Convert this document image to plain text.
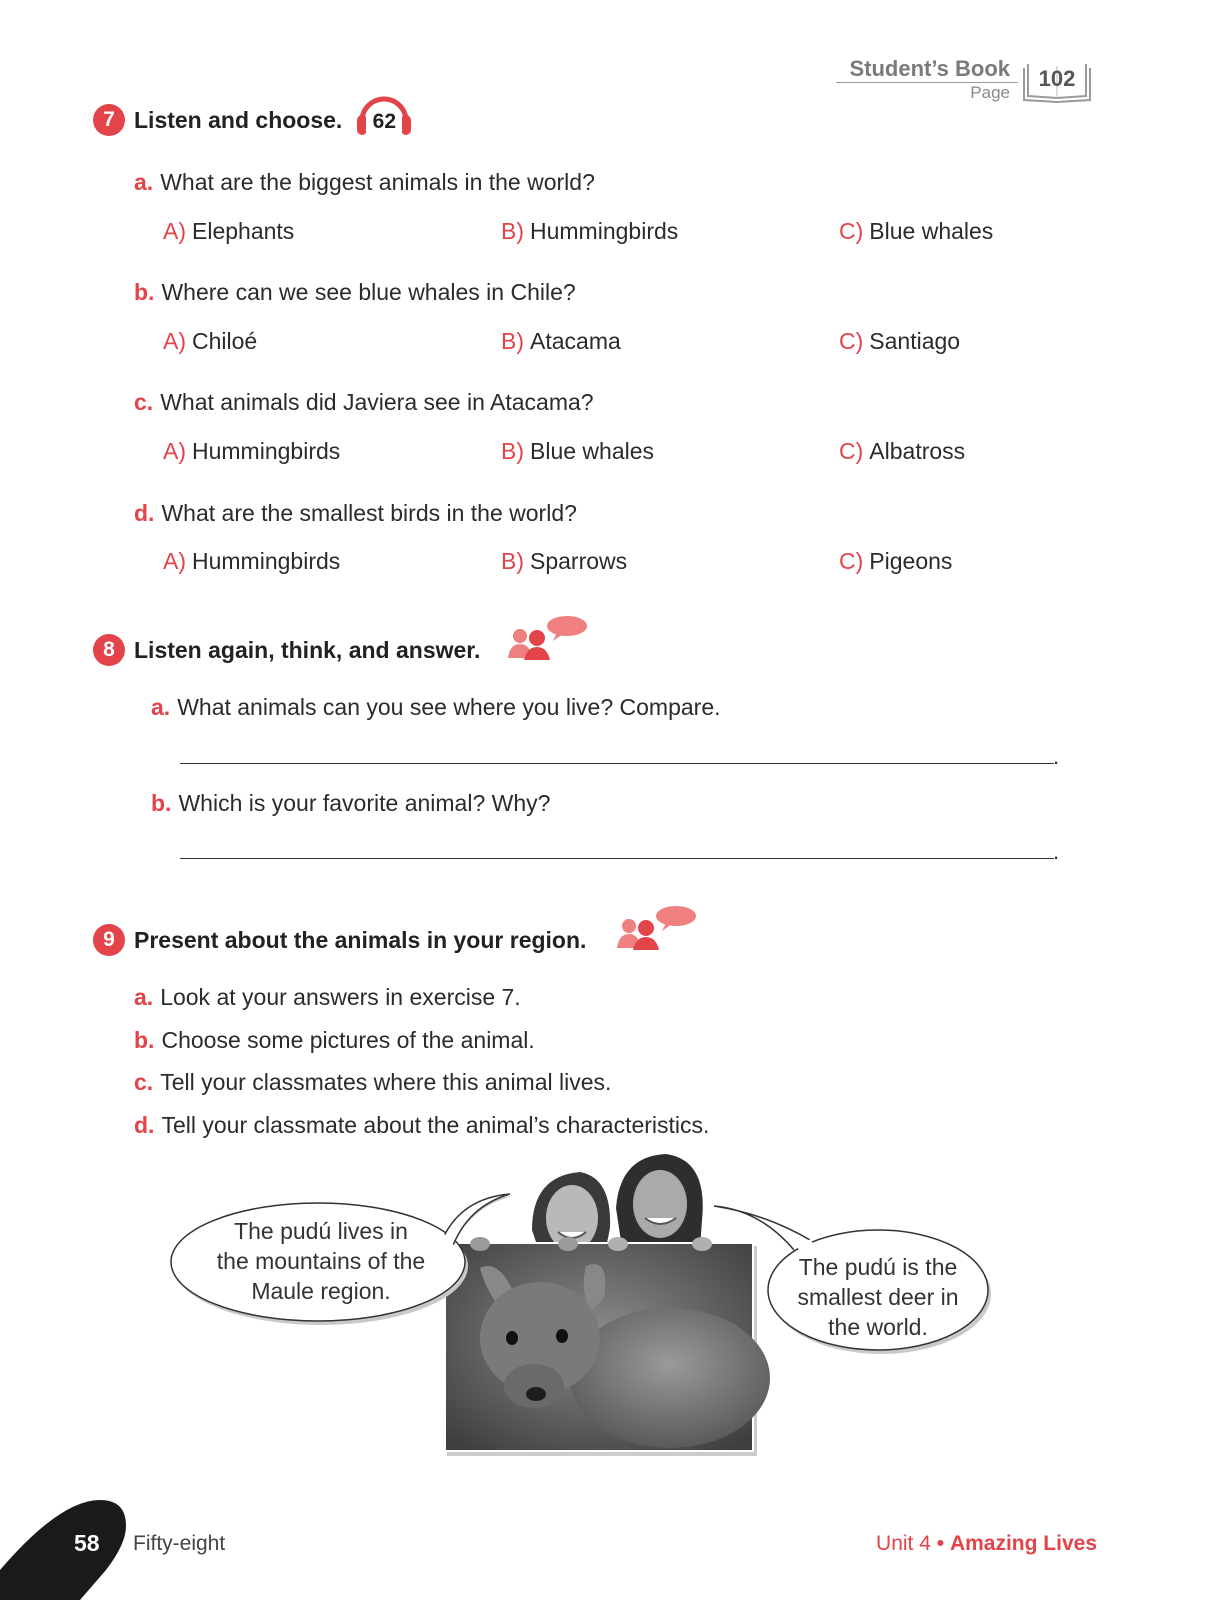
Student’s Book
Page
102
7 Listen and choose. 62
a. What are the biggest animals in the world?
A) Elephants	B) Hummingbirds	C) Blue whales
b. Where can we see blue whales in Chile?
A) Chiloé	B) Atacama	C) Santiago
c. What animals did Javiera see in Atacama?
A) Hummingbirds	B) Blue whales	C) Albatross
d. What are the smallest birds in the world?
A) Hummingbirds	B) Sparrows	C) Pigeons
8 Listen again, think, and answer.
a. What animals can you see where you live? Compare.
.
b. Which is your favorite animal? Why?
.
9 Present about the animals in your region.
a. Look at your answers in exercise 7.
b. Choose some pictures of the animal.
c. Tell your classmates where this animal lives.
d. Tell your classmate about the animal’s characteristics.
The pudú lives in
the mountains of the
Maule region.
The pudú is the
smallest deer in
the world.
58 Fifty-eight	Unit 4 • Amazing Lives
